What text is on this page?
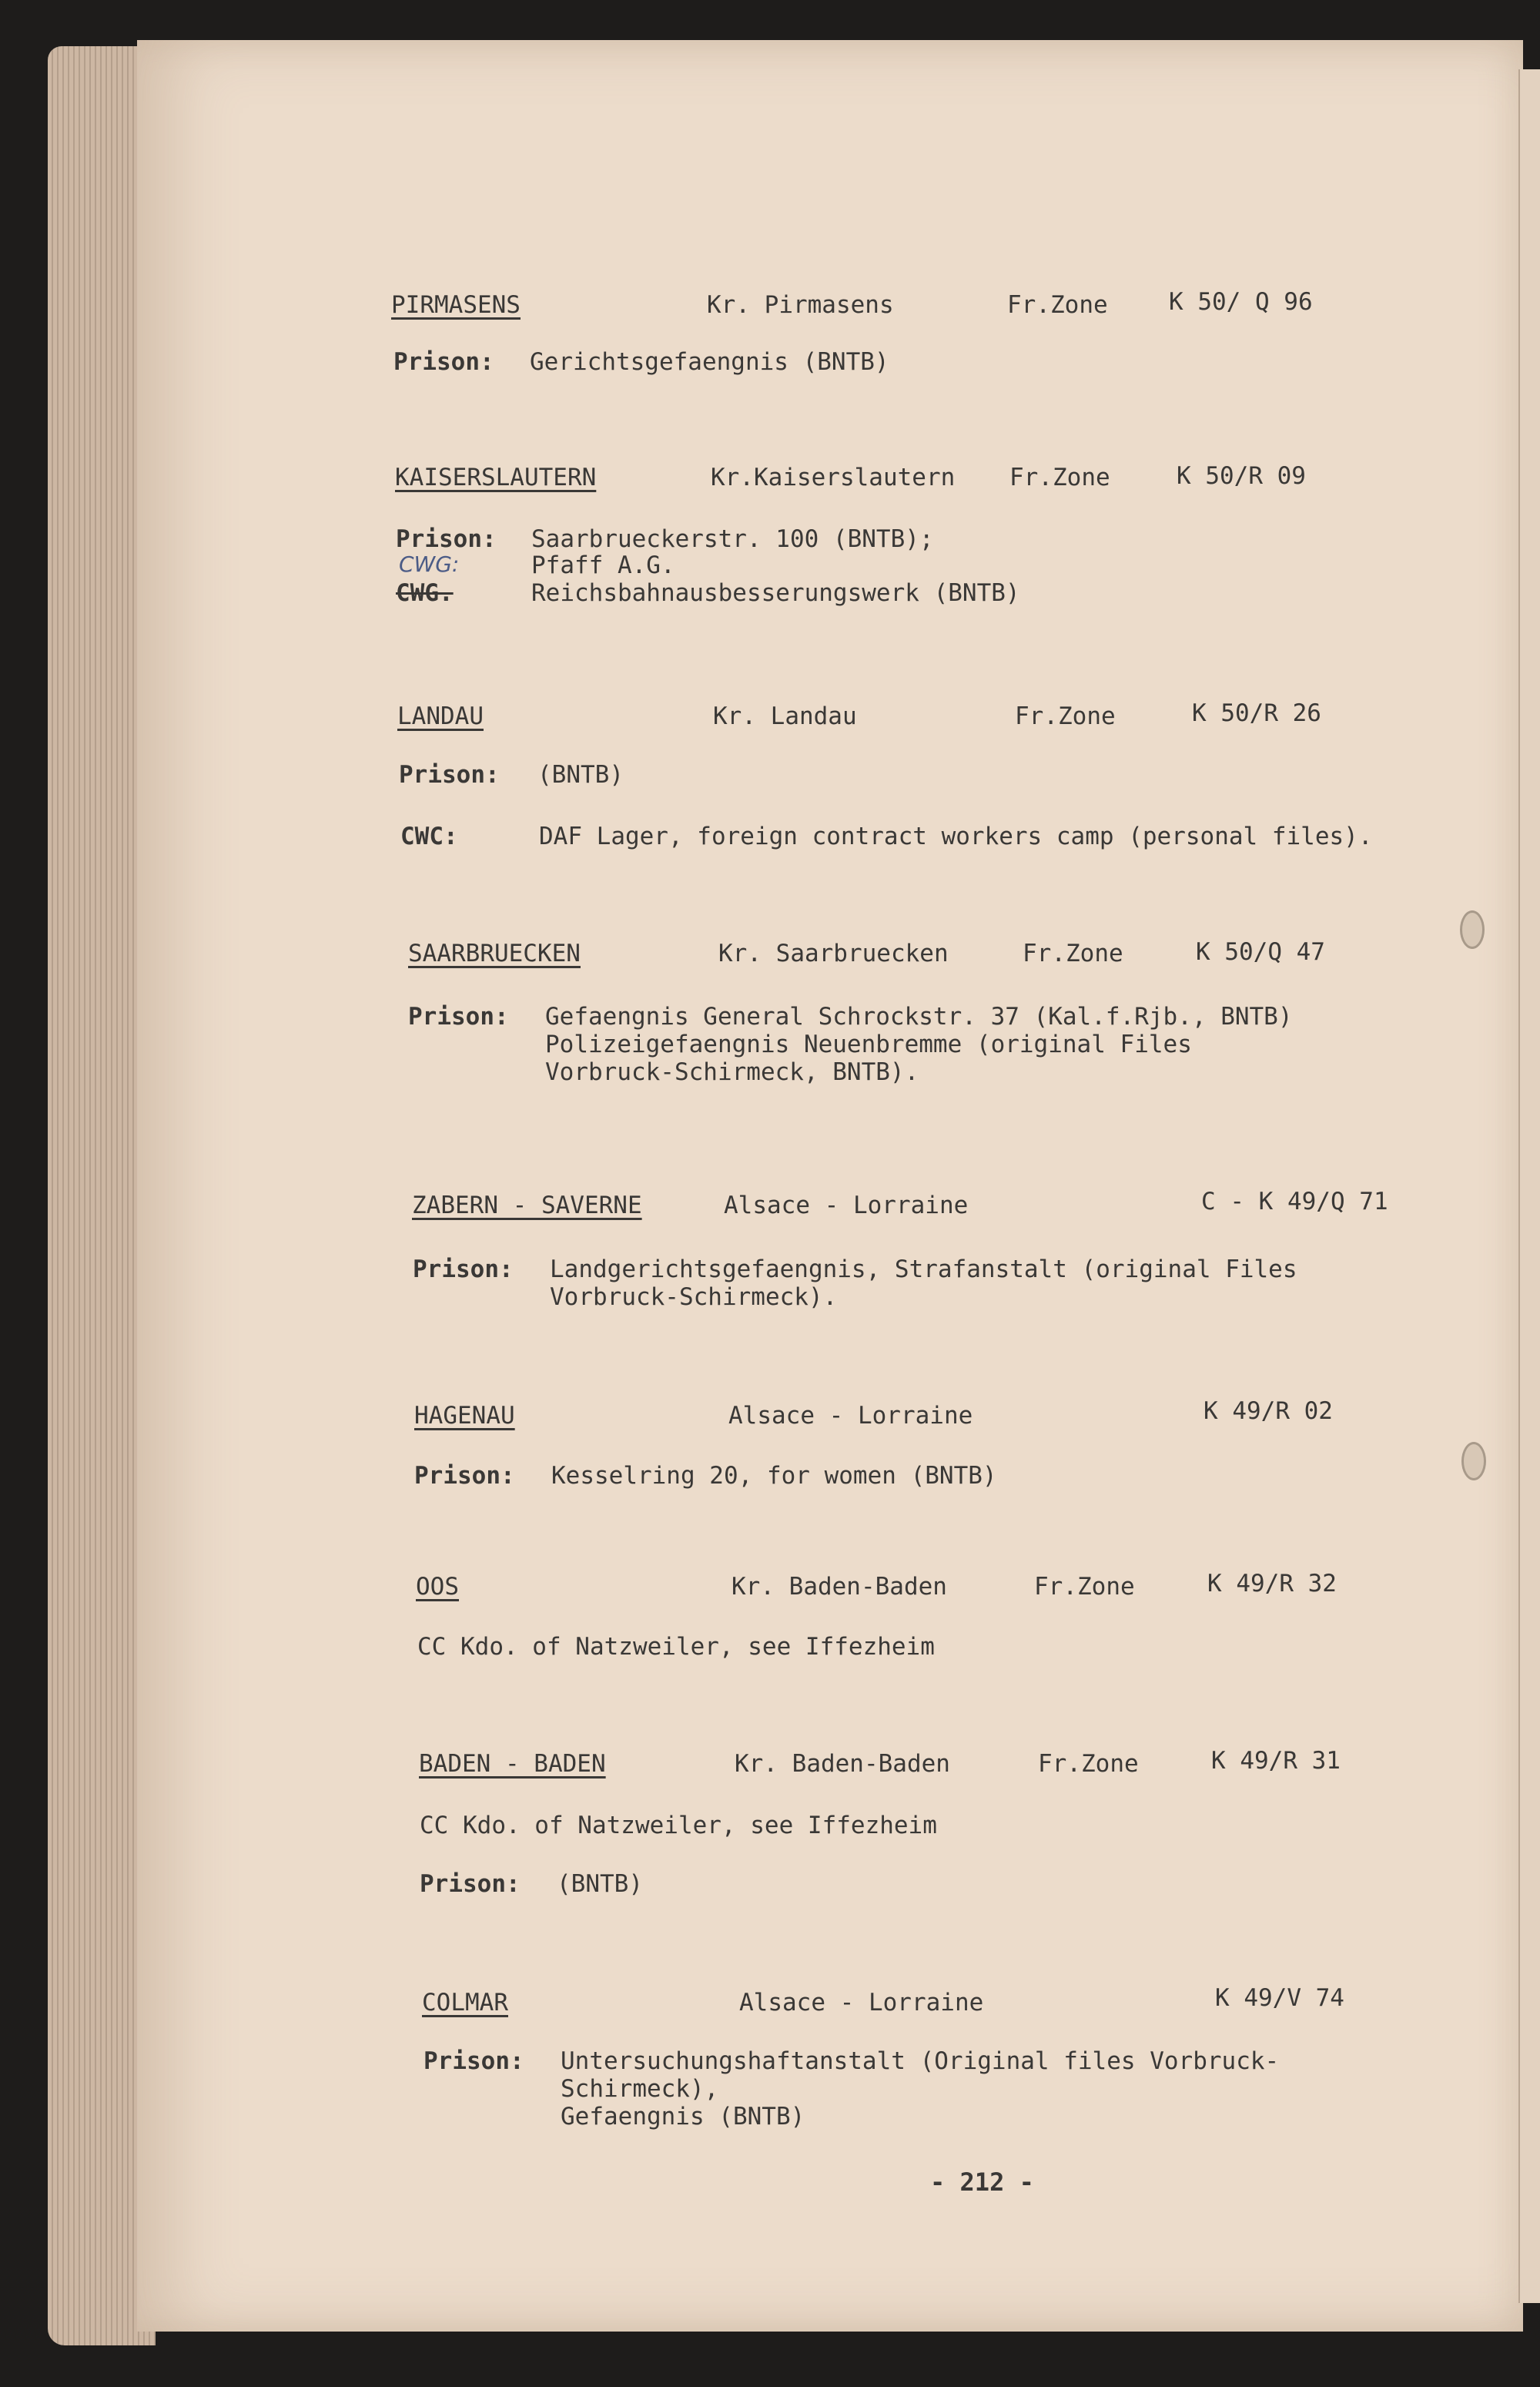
PIRMASENS	Kr. Pirmasens	Fr.Zone	K 50/ Q 96
Prison: Gerichtsgefaengnis (BNTB)
KAISERSLAUTERN	Kr.Kaiserslautern Fr.Zone	K 50/R 09
Prison: Saarbrueckerstr. 100 (BNTB);
CWG:	Pfaff A.G.
CWG.	Reichsbahnausbesserungswerk (BNTB)
LANDAU	Kr. Landau	Fr.Zone	K 50/R 26
Prison: (BNTB)
CWC:	DAF Lager, foreign contract workers camp (personal files).
SAARBRUECKEN	Kr. Saarbruecken	Fr.Zone	K 50/Q 47
Prison: Gefaengnis General Schrockstr. 37 (Kal.f.Rjb., BNTB)
Polizeigefaengnis Neuenbremme (original Files
Vorbruck-Schirmeck, BNTB).
ZABERN - SAVERNE	Alsace - Lorraine	C - K 49/Q 71
Prison: Landgerichtsgefaengnis, Strafanstalt (original Files
Vorbruck-Schirmeck).
HAGENAU	Alsace - Lorraine	K 49/R 02
Prison: Kesselring 20, for women (BNTB)
OOS	Kr. Baden-Baden	Fr.Zone	K 49/R 32
CC Kdo. of Natzweiler, see Iffezheim
BADEN - BADEN	Kr. Baden-Baden	Fr.Zone	K 49/R 31
CC Kdo. of Natzweiler, see Iffezheim
Prison: (BNTB)
COLMAR	Alsace - Lorraine	K 49/V 74
Prison: Untersuchungshaftanstalt (Original files Vorbruck-
Schirmeck),
Gefaengnis (BNTB)
- 212 -
